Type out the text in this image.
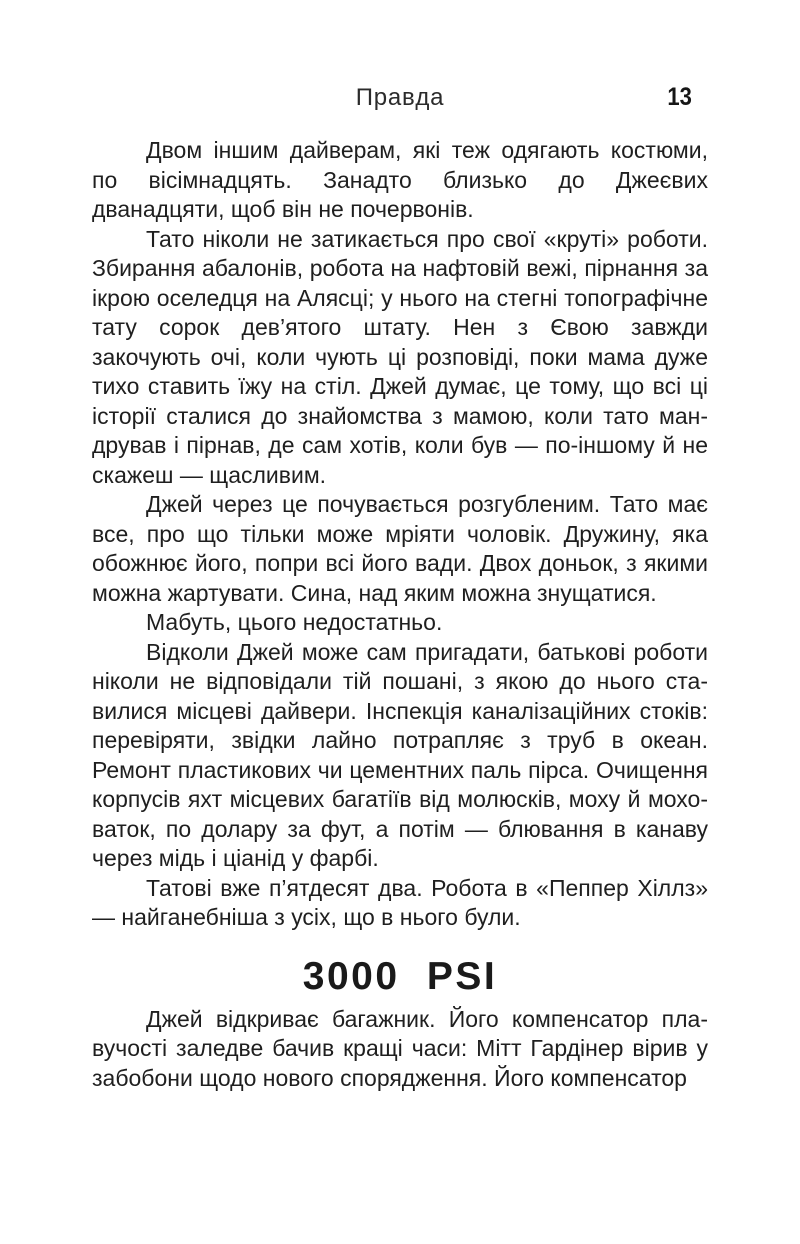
Правда	13

Двом іншим дайверам, які теж одягають костюми, по вісімнадцять. Занадто близько до Джеєвих дванадцяти, щоб він не почервонів.

Тато ніколи не затикається про свої «круті» роботи. Збирання абалонів, робота на нафтовій вежі, пірнання за ікрою оселедця на Алясці; у нього на стегні топографічне тату сорок дев’ятого штату. Нен з Євою завжди закочують очі, коли чують ці розповіді, поки мама дуже тихо ставить їжу на стіл. Джей думає, це тому, що всі ці історії сталися до знайомства з мамою, коли тато мандрував і пірнав, де сам хотів, коли був — по-іншому й не скажеш — щасливим.

Джей через це почувається розгубленим. Тато має все, про що тільки може мріяти чоловік. Дружину, яка обожнює його, попри всі його вади. Двох доньок, з якими можна жартувати. Сина, над яким можна знущатися.

Мабуть, цього недостатньо.

Відколи Джей може сам пригадати, батькові роботи ніколи не відповідали тій пошані, з якою до нього ставилися місцеві дайвери. Інспекція каналізаційних стоків: перевіряти, звідки лайно потрапляє з труб в океан. Ремонт пластикових чи цементних паль пірса. Очищення корпусів яхт місцевих багатіїв від молюсків, моху й моховаток, по долару за фут, а потім — блювання в канаву через мідь і ціанід у фарбі.

Татові вже п’ятдесят два. Робота в «Пеппер Хіллз» — найганебніша з усіх, що в нього були.

3000 PSI

Джей відкриває багажник. Його компенсатор плавучості заледве бачив кращі часи: Мітт Гардінер вірив у забобони щодо нового спорядження. Його компенсатор
